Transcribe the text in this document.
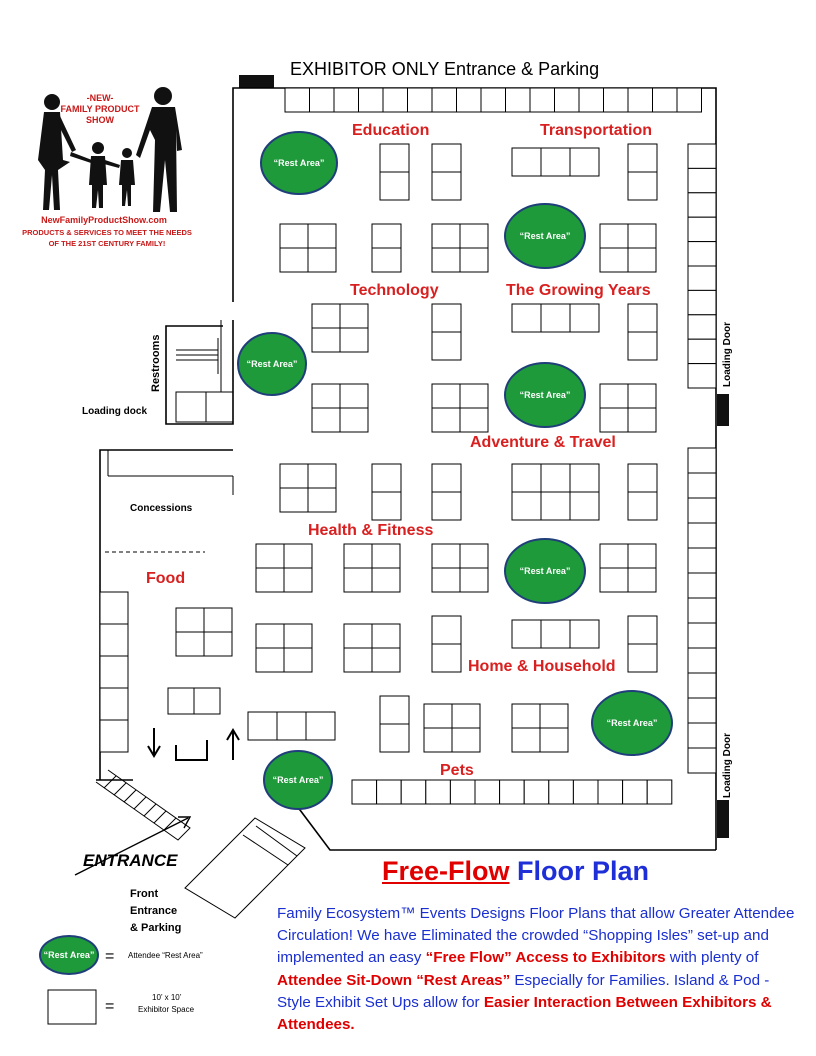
EXHIBITOR ONLY Entrance & Parking
-NEW-
FAMILY PRODUCT
SHOW
NewFamilyProductShow.com
PRODUCTS & SERVICES TO MEET THE NEEDS
OF THE 21ST CENTURY FAMILY!
Loading Door
Loading Door
Restrooms
Loading dock
Concessions
“Rest Area”
“Rest Area”
“Rest Area”
“Rest Area”
“Rest Area”
“Rest Area”
“Rest Area”
Education	Transportation
Technology	The Growing Years
Adventure & Travel
Health & Fitness
Food
Home & Household
Pets
ENTRANCE
Front
Entrance
& Parking
“Rest Area” = Attendee “Rest Area”
=
10’ x 10’
Exhibitor Space
Free-Flow Floor Plan
Family Ecosystem™ Events Designs Floor Plans that allow Greater Attendee Circulation! We have Eliminated the crowded “Shopping Isles” set-up and implemented an easy “Free Flow” Access to Exhibitors with plenty of Attendee Sit-Down “Rest Areas” Especially for Families. Island & Pod - Style Exhibit Set Ups allow for Easier Interaction Between Exhibitors & Attendees.
